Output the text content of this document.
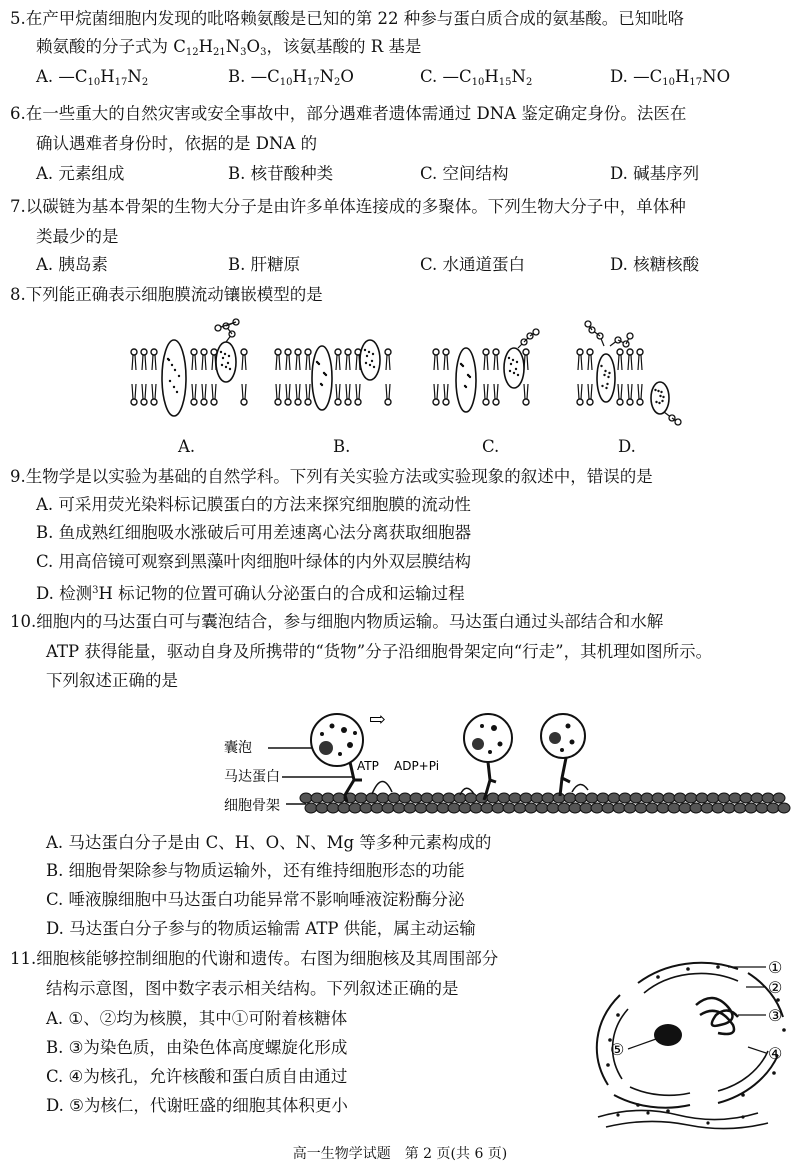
5.在产甲烷菌细胞内发现的吡咯赖氨酸是已知的第 22 种参与蛋白质合成的氨基酸。已知吡咯
赖氨酸的分子式为 $C_{12}H_{21}N_3O_3$，该氨基酸的 R 基是
A. $—C_{10}H_{17}N_2$	B. $—C_{10}H_{17}N_2O$	C. $—C_{10}H_{15}N_2$	D. $—C_{10}H_{17}NO$
6.在一些重大的自然灾害或安全事故中，部分遇难者遗体需通过 DNA 鉴定确定身份。法医在
确认遇难者身份时，依据的是 DNA 的
A. 元素组成	B. 核苷酸种类	C. 空间结构	D. 碱基序列
7.以碳链为基本骨架的生物大分子是由许多单体连接成的多聚体。下列生物大分子中，单体种
类最少的是
A. 胰岛素	B. 肝糖原	C. 水通道蛋白	D. 核糖核酸
8.下列能正确表示细胞膜流动镶嵌模型的是
A.	B.	C.	D.
9.生物学是以实验为基础的自然学科。下列有关实验方法或实验现象的叙述中，错误的是
A. 可采用荧光染料标记膜蛋白的方法来探究细胞膜的流动性
B. 鱼成熟红细胞吸水涨破后可用差速离心法分离获取细胞器
C. 用高倍镜可观察到黑藻叶肉细胞叶绿体的内外双层膜结构
D. 检测$^3$H 标记物的位置可确认分泌蛋白的合成和运输过程
10.细胞内的马达蛋白可与囊泡结合，参与细胞内物质运输。马达蛋白通过头部结合和水解
ATP 获得能量，驱动自身及所携带的“货物”分子沿细胞骨架定向“行走”，其机理如图所示。
下列叙述正确的是
⇨
囊泡
马达蛋白
细胞骨架
ATP ADP+Pi
A. 马达蛋白分子是由 C、H、O、N、Mg 等多种元素构成的
B. 细胞骨架除参与物质运输外，还有维持细胞形态的功能
C. 唾液腺细胞中马达蛋白功能异常不影响唾液淀粉酶分泌
D. 马达蛋白分子参与的物质运输需 ATP 供能，属主动运输
11.细胞核能够控制细胞的代谢和遗传。右图为细胞核及其周围部分
结构示意图，图中数字表示相关结构。下列叙述正确的是
A. ①、②均为核膜，其中①可附着核糖体
B. ③为染色质，由染色体高度螺旋化形成
C. ④为核孔，允许核酸和蛋白质自由通过
D. ⑤为核仁，代谢旺盛的细胞其体积更小
①
②
③
④
⑤
高一生物学试题　第 2 页(共 6 页)
